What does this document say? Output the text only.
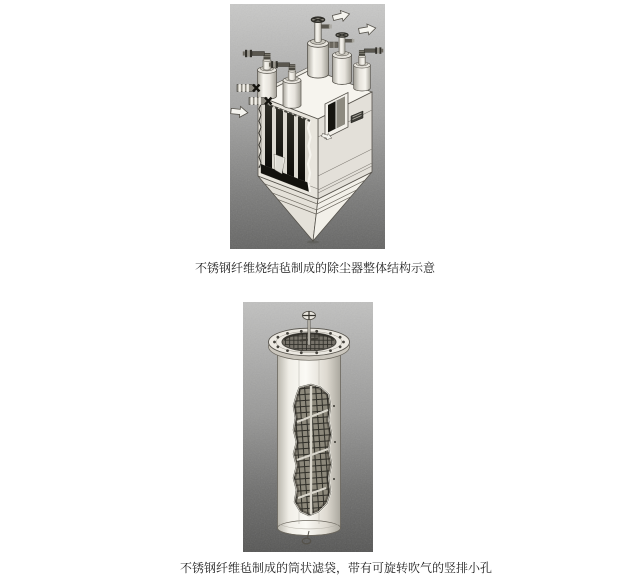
不锈钢纤维烧结毡制成的除尘器整体结构示意
不锈钢纤维毡制成的筒状滤袋，带有可旋转吹气的竖排小孔
